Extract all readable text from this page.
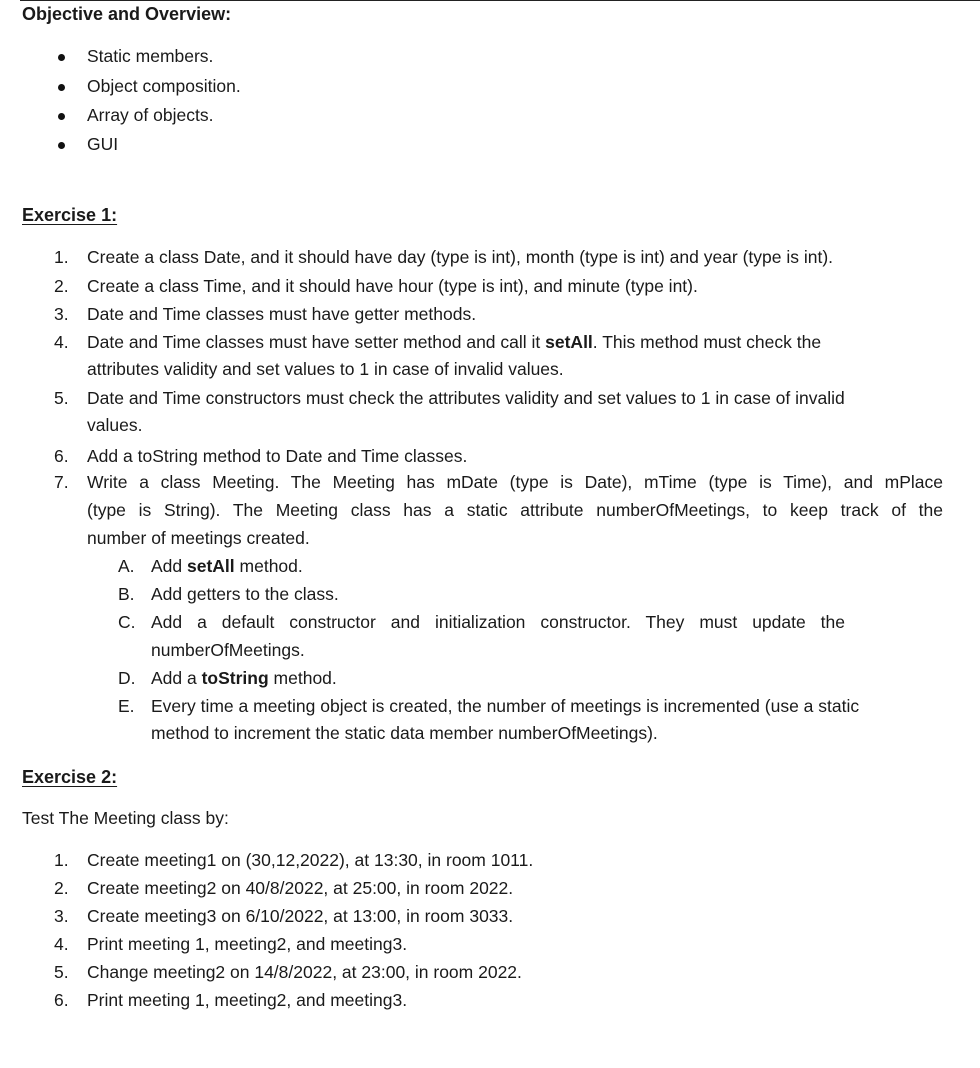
Objective and Overview:
Static members.
Object composition.
Array of objects.
GUI
Exercise 1:
1. Create a class Date, and it should have day (type is int), month (type is int) and year (type is int).
2. Create a class Time, and it should have hour (type is int), and minute (type int).
3. Date and Time classes must have getter methods.
4. Date and Time classes must have setter method and call it setAll. This method must check the
attributes validity and set values to 1 in case of invalid values.
5. Date and Time constructors must check the attributes validity and set values to 1 in case of invalid
values.
6. Add a toString method to Date and Time classes.
7. Write a class Meeting. The Meeting has mDate (type is Date), mTime (type is Time), and mPlace
(type is String). The Meeting class has a static attribute numberOfMeetings, to keep track of the
number of meetings created.
A. Add setAll method.
B. Add getters to the class.
C. Add a default constructor and initialization constructor. They must update the
numberOfMeetings.
D. Add a toString method.
E. Every time a meeting object is created, the number of meetings is incremented (use a static
method to increment the static data member numberOfMeetings).
Exercise 2:
Test The Meeting class by:
1. Create meeting1 on (30,12,2022), at 13:30, in room 1011.
2. Create meeting2 on 40/8/2022, at 25:00, in room 2022.
3. Create meeting3 on 6/10/2022, at 13:00, in room 3033.
4. Print meeting 1, meeting2, and meeting3.
5. Change meeting2 on 14/8/2022, at 23:00, in room 2022.
6. Print meeting 1, meeting2, and meeting3.
